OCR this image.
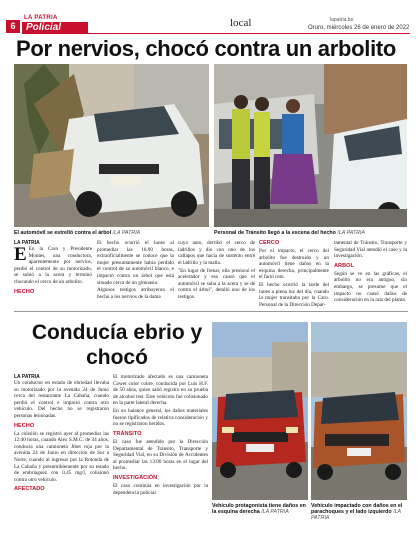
6
LA PATRIA
Policial	local	lapatria.bo
Oruro, miércoles 26 de enero de 2022
Por nervios, chocó contra un arbolito
El automóvil se estrelló contra el árbol /LA PATRIA	Personal de Tránsito llegó a la escena del hecho /LA PATRIA
LA PATRIA
E En la Caro y Presidente Montes, una conductora, aparentemente por nervios, perdió el control de su motorizado, se subió a la acera y terminó chocando el cerco de un arbolito.

HECHO

El hecho ocurrió el lunes al promediar las 16:00 horas, extraoficialmente se conoce que la mujer presuntamente había perdido el control de su automóvil blanco, e impactó contra un árbol que está situado cerca de un gimnasio.

Algunos testigos atribuyeron el hecho a los nervios de la dama

cuyo auto, derribó el cerco de ladrillos y dio con uno de los callapos que hacía de sustento entre el ladrillo y la malla.

"En lugar de frenar, ella presionó el acelerador y eso causó que el automóvil se suba a la acera y se dé contra el árbol", detalló uno de los testigos.

CERCO

Por el impacto, el cerco del arbolito fue destruido y un automóvil tiene daños en la esquina derecha, principalmente el farol roto.

El hecho ocurrió la tarde del lunes a plena luz del día, cuando la mujer transitaba por la Caro. Personal de la Dirección Depar-

tamental de Tránsito, Transporte y Seguridad Vial atendió el caso y la investigación.

ARBOL

Según se ve en las gráficas, el arbolito no era antiguo, sin embargo, se presume que el impacto no causó daños de consideración en la raíz del planta.

Conducía ebrio y chocó
LA PATRIA

Un conductor en estado de ebriedad llevaba su motorizado por la avenida 24 de Junio cerca del restaurante La Cabaña, cuando perdió el control e impactó contra otro vehículo. Del hecho no se registraron personas lesionadas.

HECHO

La colisión se registró ayer al promediar las 12:40 horas, cuando Alex S.M.C. de 34 años, conducía una camioneta Jibet roja por la avenida 24 de Junio en dirección de Sur a Norte, cuando al ingresar por la Rotonda de La Cabaña y presumiblemente por su estado de embriaguez con 0,45 mg/l, colisionó contra otro vehículo.

AFECTADO

El motorizado afectado es una camioneta Cowet color cobre, conducida por Luis H.F. de 50 años, quien salió registro en su prueba de alcohol test. Este vehículo fue colisionado en la parte lateral derecha.

En un balance general, los daños materiales fueron tipificados de relativa consideración y no se registraron heridos.

TRÁNSITO

El caso fue atendido por la Dirección Departamental de Tránsito, Transporte y Seguridad Vial, en su División de Accidentes al promediar las 13:00 horas en el lugar del hecho.

INVESTIGACIÓN

El caso continúa en investigación por la dependencia policial.

Vehículo protagonista tiene daños en la esquina derecha /LA PATRIA
Vehículo impactado con daños en el parachoques y el lado izquierdo /LA PATRIA
